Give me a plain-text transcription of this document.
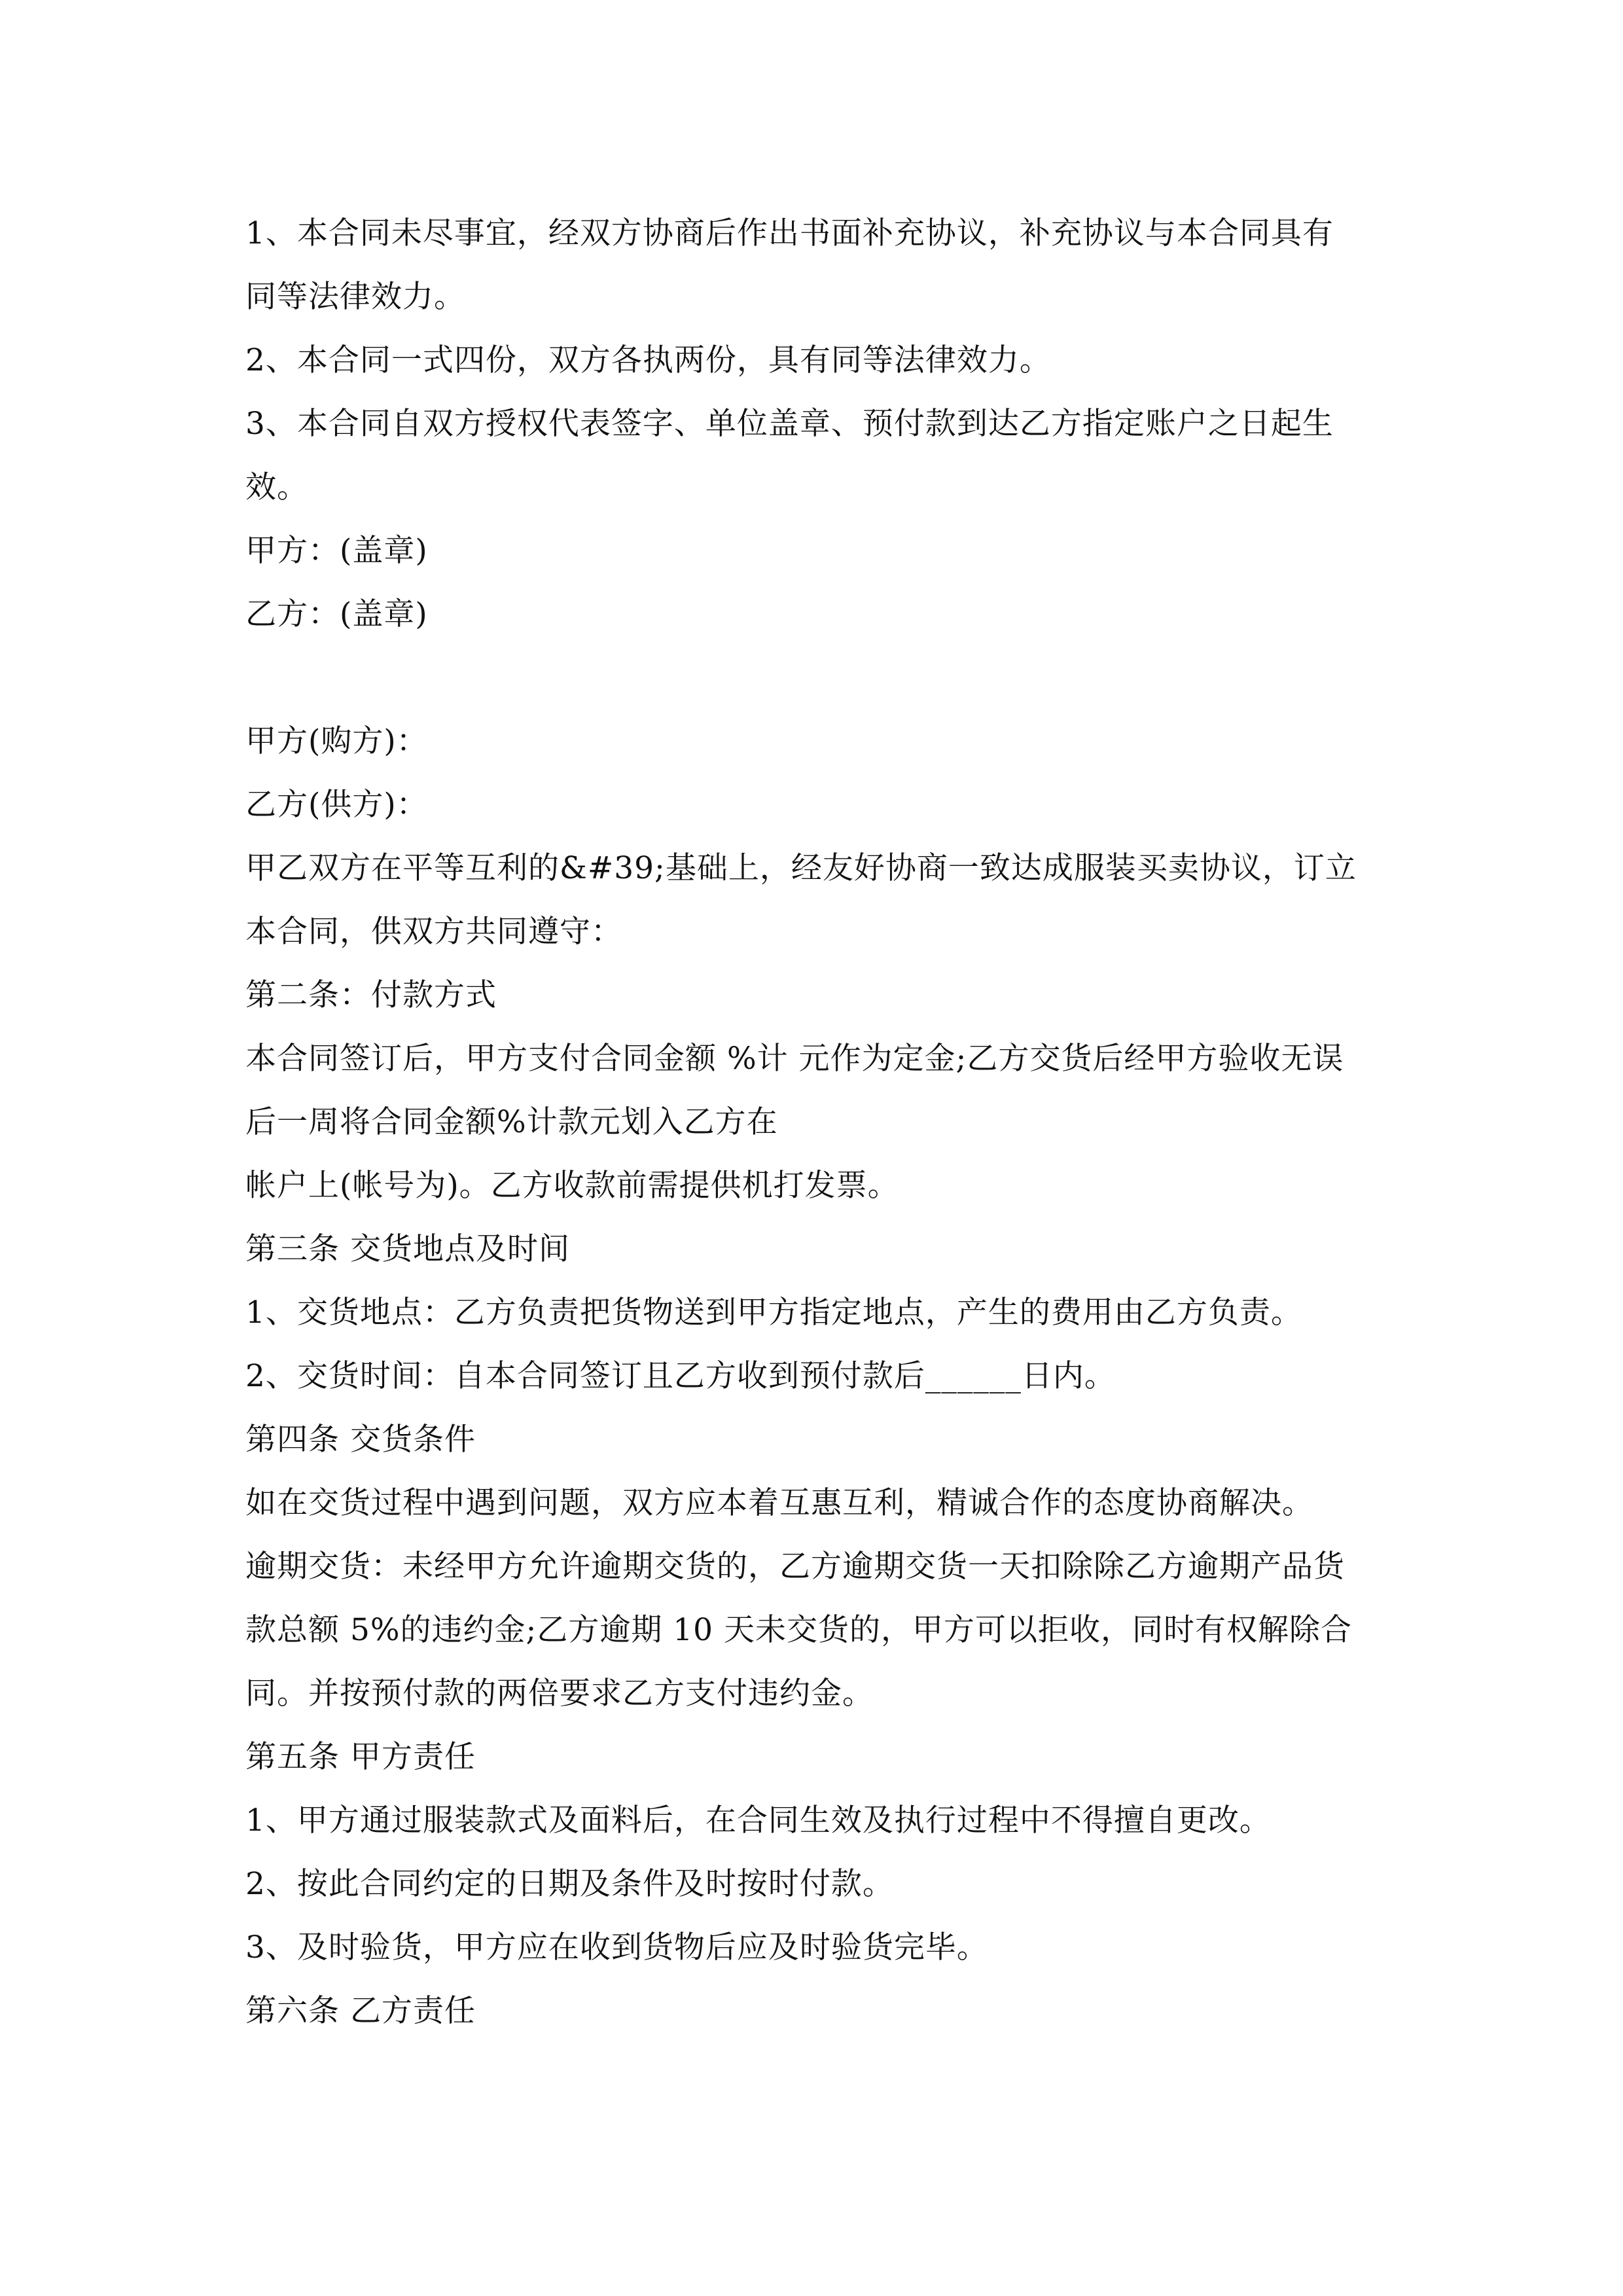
1、本合同未尽事宜，经双方协商后作出书面补充协议，补充协议与本合同具有
同等法律效力。
2、本合同一式四份，双方各执两份，具有同等法律效力。
3、本合同自双方授权代表签字、单位盖章、预付款到达乙方指定账户之日起生
效。
甲方：(盖章)
乙方：(盖章)
甲方(购方)：
乙方(供方)：
甲乙双方在平等互利的&#39;基础上，经友好协商一致达成服装买卖协议，订立
本合同，供双方共同遵守：
第二条：付款方式
本合同签订后，甲方支付合同金额 %计 元作为定金;乙方交货后经甲方验收无误
后一周将合同金额%计款元划入乙方在
帐户上(帐号为)。乙方收款前需提供机打发票。
第三条 交货地点及时间
1、交货地点：乙方负责把货物送到甲方指定地点，产生的费用由乙方负责。
2、交货时间：自本合同签订且乙方收到预付款后______日内。
第四条 交货条件
如在交货过程中遇到问题，双方应本着互惠互利，精诚合作的态度协商解决。
逾期交货：未经甲方允许逾期交货的，乙方逾期交货一天扣除除乙方逾期产品货
款总额 5%的违约金;乙方逾期 10 天未交货的，甲方可以拒收，同时有权解除合
同。并按预付款的两倍要求乙方支付违约金。
第五条 甲方责任
1、甲方通过服装款式及面料后，在合同生效及执行过程中不得擅自更改。
2、按此合同约定的日期及条件及时按时付款。
3、及时验货，甲方应在收到货物后应及时验货完毕。
第六条 乙方责任
